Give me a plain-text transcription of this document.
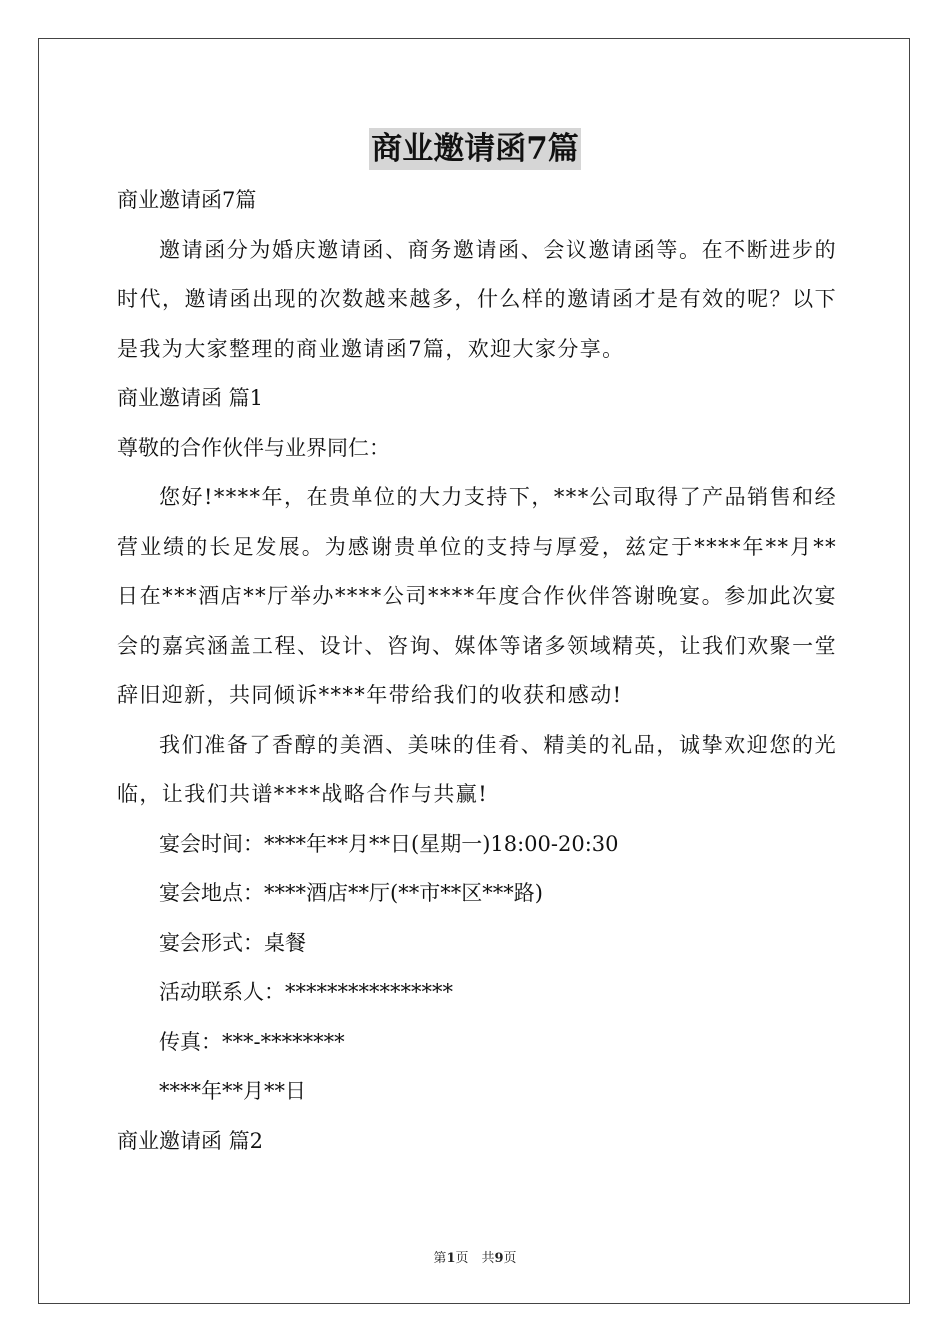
商业邀请函7篇
商业邀请函7篇
邀请函分为婚庆邀请函、商务邀请函、会议邀请函等。在不断进步的时代，邀请函出现的次数越来越多，什么样的邀请函才是有效的呢？以下是我为大家整理的商业邀请函7篇，欢迎大家分享。
商业邀请函 篇1
尊敬的合作伙伴与业界同仁：
您好!****年，在贵单位的大力支持下，***公司取得了产品销售和经营业绩的长足发展。为感谢贵单位的支持与厚爱，兹定于****年**月**日在***酒店**厅举办****公司****年度合作伙伴答谢晚宴。参加此次宴会的嘉宾涵盖工程、设计、咨询、媒体等诸多领域精英，让我们欢聚一堂辞旧迎新，共同倾诉****年带给我们的收获和感动!
我们准备了香醇的美酒、美味的佳肴、精美的礼品，诚挚欢迎您的光临，让我们共谱****战略合作与共赢!
宴会时间：****年**月**日(星期一)18:00-20:30
宴会地点：****酒店**厅(**市**区***路)
宴会形式：桌餐
活动联系人：****************
传真：***-********
****年**月**日
商业邀请函 篇2
第1页　共9页
